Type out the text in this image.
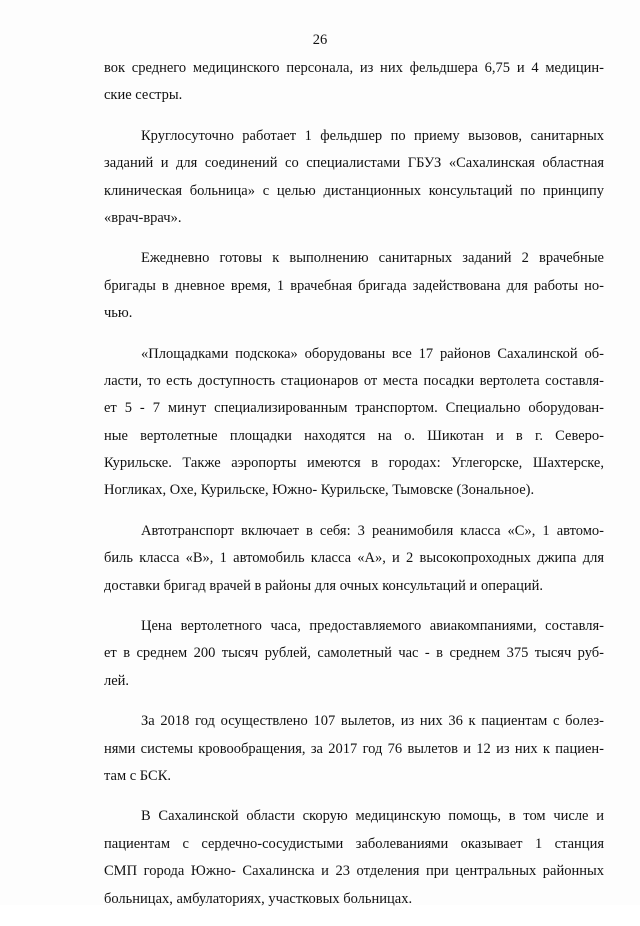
26
вок среднего медицинского персонала, из них фельдшера 6,75 и 4 медицин-
ские сестры.
Круглосуточно работает 1 фельдшер по приему вызовов, санитарных
заданий и для соединений со специалистами ГБУЗ «Сахалинская областная
клиническая больница» с целью дистанционных консультаций по принципу
«врач-врач».
Ежедневно готовы к выполнению санитарных заданий 2 врачебные
бригады в дневное время, 1 врачебная бригада задействована для работы но-
чью.
«Площадками подскока» оборудованы все 17 районов Сахалинской об-
ласти, то есть доступность стационаров от места посадки вертолета составля-
ет 5 - 7 минут специализированным транспортом. Специально оборудован-
ные вертолетные площадки находятся на о. Шикотан и в г. Северо-
Курильске. Также аэропорты имеются в городах: Углегорске, Шахтерске,
Ногликах, Охе, Курильске, Южно- Курильске, Тымовске (Зональное).
Автотранспорт включает в себя: 3 реанимобиля класса «С», 1 автомо-
биль класса «В», 1 автомобиль класса «А», и 2 высокопроходных джипа для
доставки бригад врачей в районы для очных консультаций и операций.
Цена вертолетного часа, предоставляемого авиакомпаниями, составля-
ет в среднем 200 тысяч рублей, самолетный час - в среднем 375 тысяч руб-
лей.
За 2018 год осуществлено 107 вылетов, из них 36 к пациентам с болез-
нями системы кровообращения, за 2017 год 76 вылетов и 12 из них к пациен-
там с БСК.
В Сахалинской области скорую медицинскую помощь, в том числе и
пациентам с сердечно-сосудистыми заболеваниями оказывает 1 станция
СМП города Южно- Сахалинска и 23 отделения при центральных районных
больницах, амбулаториях, участковых больницах.
